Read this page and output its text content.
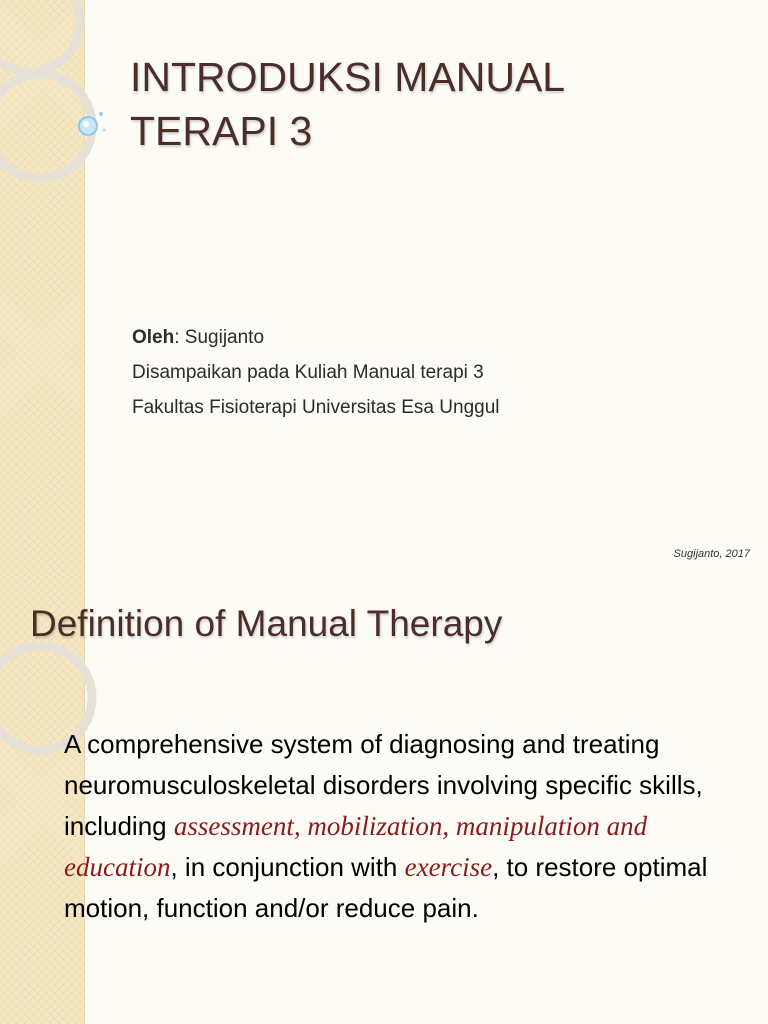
INTRODUKSI MANUAL TERAPI 3
Oleh: Sugijanto
Disampaikan pada Kuliah Manual terapi 3
Fakultas Fisioterapi Universitas Esa Unggul
Sugijanto, 2017
Definition of Manual Therapy

A comprehensive system of diagnosing and treating neuromusculoskeletal disorders involving specific skills, including assessment, mobilization, manipulation and education, in conjunction with exercise, to restore optimal motion, function and/or reduce pain.
